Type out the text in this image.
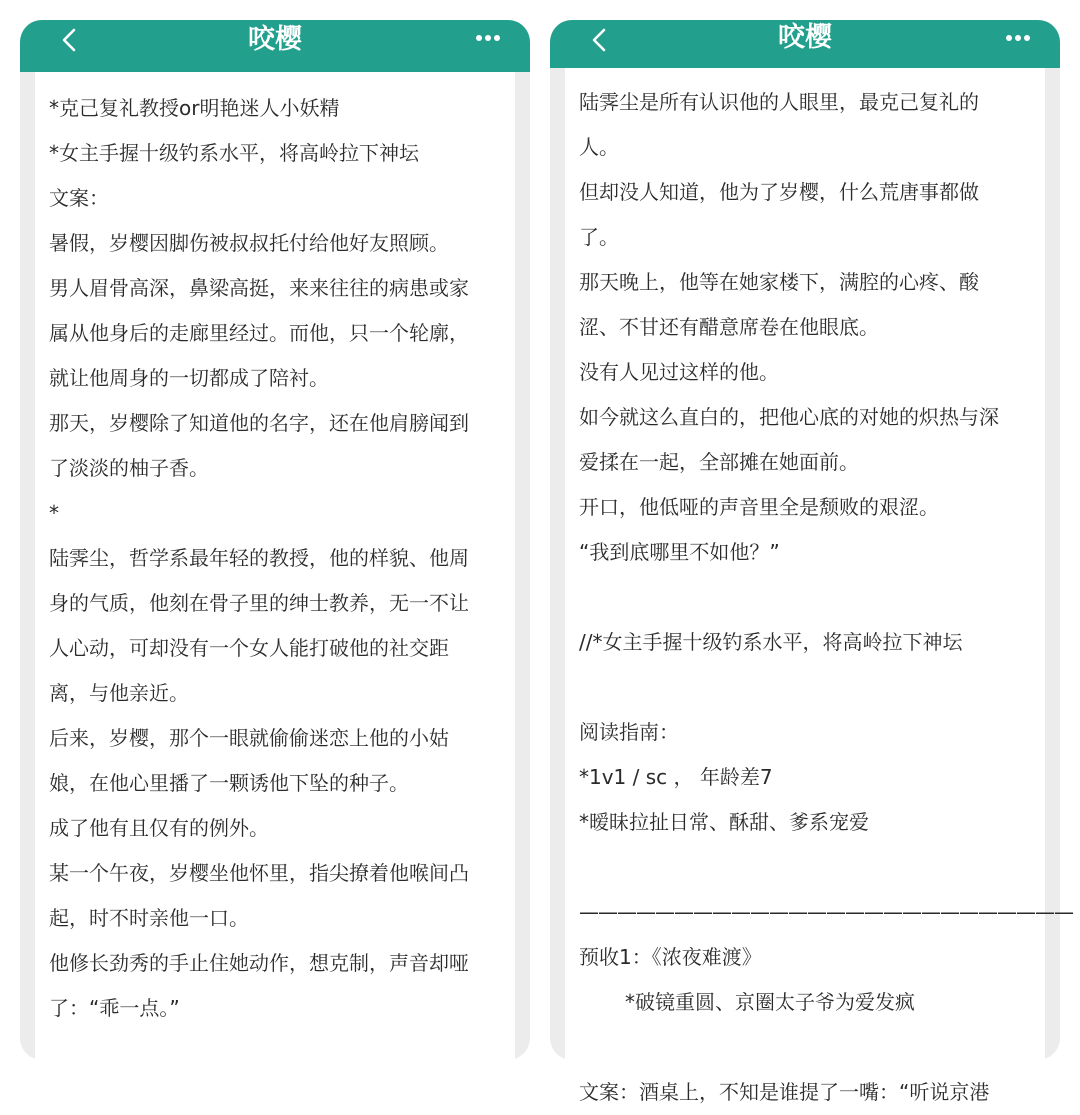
咬樱
*克己复礼教授or明艳迷人小妖精
*女主手握十级钓系水平，将高岭拉下神坛
文案：
暑假，岁樱因脚伤被叔叔托付给他好友照顾。
男人眉骨高深，鼻梁高挺，来来往往的病患或家
属从他身后的走廊里经过。而他，只一个轮廓，
就让他周身的一切都成了陪衬。
那天，岁樱除了知道他的名字，还在他肩膀闻到
了淡淡的柚子香。
*
陆霁尘，哲学系最年轻的教授，他的样貌、他周
身的气质，他刻在骨子里的绅士教养，无一不让
人心动，可却没有一个女人能打破他的社交距
离，与他亲近。
后来，岁樱，那个一眼就偷偷迷恋上他的小姑
娘，在他心里播了一颗诱他下坠的种子。
成了他有且仅有的例外。
某一个午夜，岁樱坐他怀里，指尖撩着他喉间凸
起，时不时亲他一口。
他修长劲秀的手止住她动作，想克制，声音却哑
了：“乖一点。”
咬樱
陆霁尘是所有认识他的人眼里，最克己复礼的
人。
但却没人知道，他为了岁樱，什么荒唐事都做
了。
那天晚上，他等在她家楼下，满腔的心疼、酸
涩、不甘还有醋意席卷在他眼底。
没有人见过这样的他。
如今就这么直白的，把他心底的对她的炽热与深
爱揉在一起，全部摊在她面前。
开口，他低哑的声音里全是颓败的艰涩。
“我到底哪里不如他？”
//*女主手握十级钓系水平，将高岭拉下神坛
阅读指南：
*1v1 / sc ， 年龄差7
*暧昧拉扯日常、酥甜、爹系宠爱
——————————————————————————
预收1：《浓夜难渡》
*破镜重圆、京圈太子爷为爱发疯
文案：酒桌上，不知是谁提了一嘴：“听说京港
